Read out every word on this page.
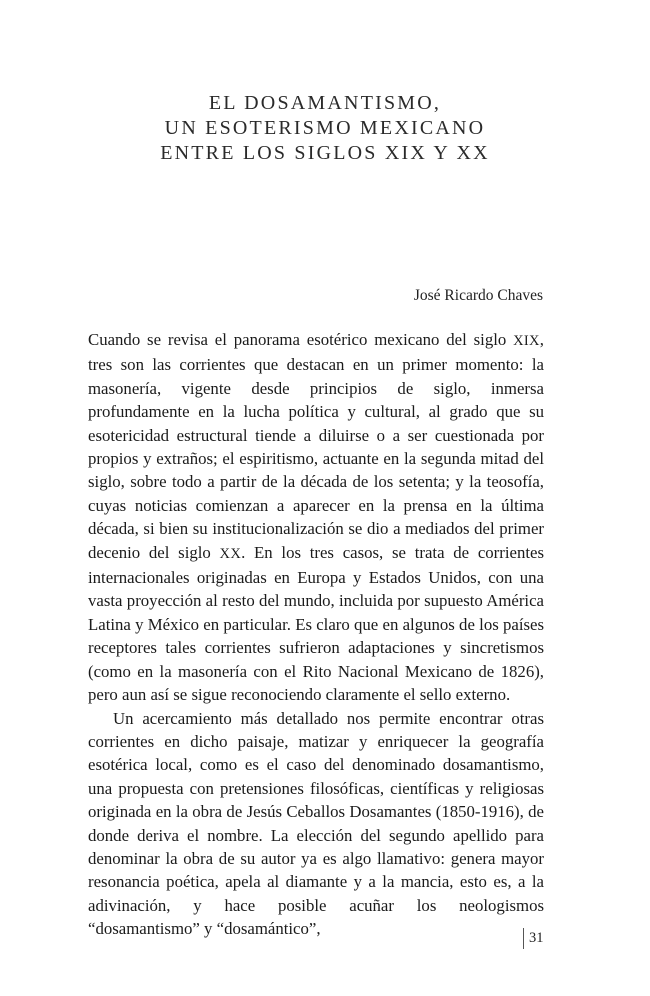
EL DOSAMANTISMO,
UN ESOTERISMO MEXICANO
ENTRE LOS SIGLOS XIX Y XX
José Ricardo Chaves

Cuando se revisa el panorama esotérico mexicano del siglo XIX, tres son las corrientes que destacan en un primer momento: la masonería, vigente desde principios de siglo, inmersa profundamente en la lucha política y cultural, al grado que su esotericidad estructural tiende a diluirse o a ser cuestionada por propios y extraños; el espiritismo, actuante en la segunda mitad del siglo, sobre todo a partir de la década de los setenta; y la teosofía, cuyas noticias comienzan a aparecer en la prensa en la última década, si bien su institucionalización se dio a mediados del primer decenio del siglo XX. En los tres casos, se trata de corrientes internacionales originadas en Europa y Estados Unidos, con una vasta proyección al resto del mundo, incluida por supuesto América Latina y México en particular. Es claro que en algunos de los países receptores tales corrientes sufrieron adaptaciones y sincretismos (como en la masonería con el Rito Nacional Mexicano de 1826), pero aun así se sigue reconociendo claramente el sello externo.

Un acercamiento más detallado nos permite encontrar otras corrientes en dicho paisaje, matizar y enriquecer la geografía esotérica local, como es el caso del denominado dosamantismo, una propuesta con pretensiones filosóficas, científicas y religiosas originada en la obra de Jesús Ceballos Dosamantes (1850-1916), de donde deriva el nombre. La elección del segundo apellido para denominar la obra de su autor ya es algo llamativo: genera mayor resonancia poética, apela al diamante y a la mancia, esto es, a la adivinación, y hace posible acuñar los neologismos “dosamantismo” y “dosamántico”,	31
